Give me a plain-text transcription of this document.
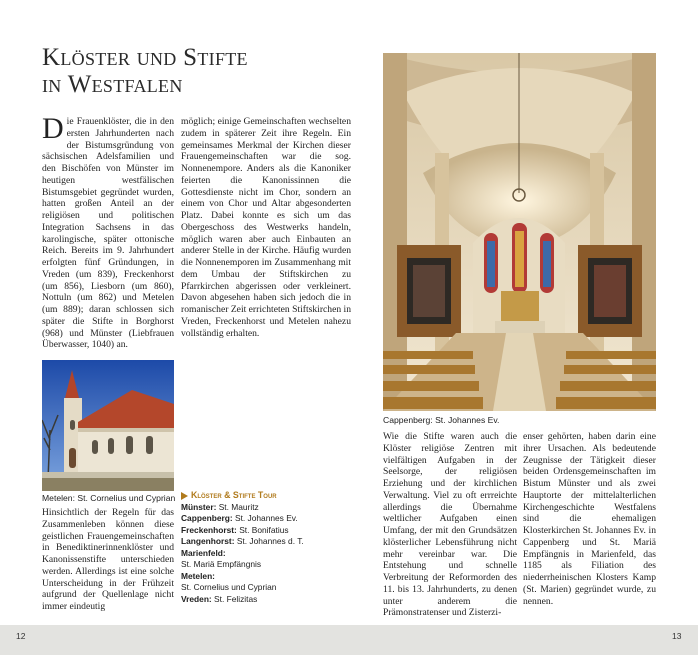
Klöster und Stifte
in Westfalen
Die Frauenklöster, die in den ersten Jahrhunderten nach der Bistumsgründung von sächsischen Adelsfamilien und den Bischöfen von Münster im heutigen westfälischen Bistumsgebiet gegründet wurden, hatten großen Anteil an der religiösen und politischen Integration Sachsens in das karolingische, später ottonische Reich. Bereits im 9. Jahrhundert erfolgten fünf Gründungen, in Vreden (um 839), Freckenhorst (um 856), Liesborn (um 860), Nottuln (um 862) und Metelen (um 889); daran schlossen sich später die Stifte in Borghorst (968) und Münster (Liebfrauen Überwasser, 1040) an.
möglich; einige Gemeinschaften wechselten zudem in späterer Zeit ihre Regeln. Ein gemeinsames Merkmal der Kirchen dieser Frauengemeinschaften war die sog. Nonnenempore. Anders als die Kanoniker feierten die Kanonissinnen die Gottesdienste nicht im Chor, sondern an einem von Chor und Altar abgesonderten Platz. Dabei konnte es sich um das Obergeschoss des Westwerks handeln, möglich waren aber auch Einbauten an anderer Stelle in der Kirche. Häufig wurden die Nonnenemporen im Zusammenhang mit dem Umbau der Stiftskirchen zu Pfarrkirchen abgerissen oder verkleinert. Davon abgesehen haben sich jedoch die in romanischer Zeit errichteten Stiftskirchen in Vreden, Freckenhorst und Metelen nahezu vollständig erhalten.
Metelen: St. Cornelius und Cyprian
Hinsichtlich der Regeln für das Zusammenleben können diese geistlichen Frauengemeinschaften in Benediktinerinnenklöster und Kanonissenstifte unterschieden werden. Allerdings ist eine solche Unterscheidung in der Frühzeit aufgrund der Quellenlage nicht immer eindeutig
Klöster & Stifte Tour
Münster: St. Mauritz
Cappenberg: St. Johannes Ev.
Freckenhorst: St. Bonifatius
Langenhorst: St. Johannes d. T.
Marienfeld:
St. Mariä Empfängnis
Metelen:
St. Cornelius und Cyprian
Vreden: St. Felizitas
Cappenberg: St. Johannes Ev.
Wie die Stifte waren auch die Klöster religiöse Zentren mit vielfältigen Aufgaben in der Seelsorge, der religiösen Erziehung und der kirchlichen Verwaltung. Viel zu oft errreichte allerdings die Übernahme weltlicher Aufgaben einen Umfang, der mit den Grundsätzen klösterlicher Lebensführung nicht mehr vereinbar war. Die Entstehung und schnelle Verbreitung der Reformorden des 11. bis 13. Jahrhunderts, zu denen unter anderem die Prämonstratenser und Zisterzi-
enser gehörten, haben darin eine ihrer Ursachen. Als bedeutende Zeugnisse der Tätigkeit dieser beiden Ordensgemeinschaften im Bistum Münster und als zwei Hauptorte der mittelalterlichen Kirchengeschichte Westfalens sind die ehemaligen Klosterkirchen St. Johannes Ev. in Cappenberg und St. Mariä Empfängnis in Marienfeld, das 1185 als Filiation des niederrheinischen Klosters Kamp (St. Marien) gegründet wurde, zu nennen.
12	13
